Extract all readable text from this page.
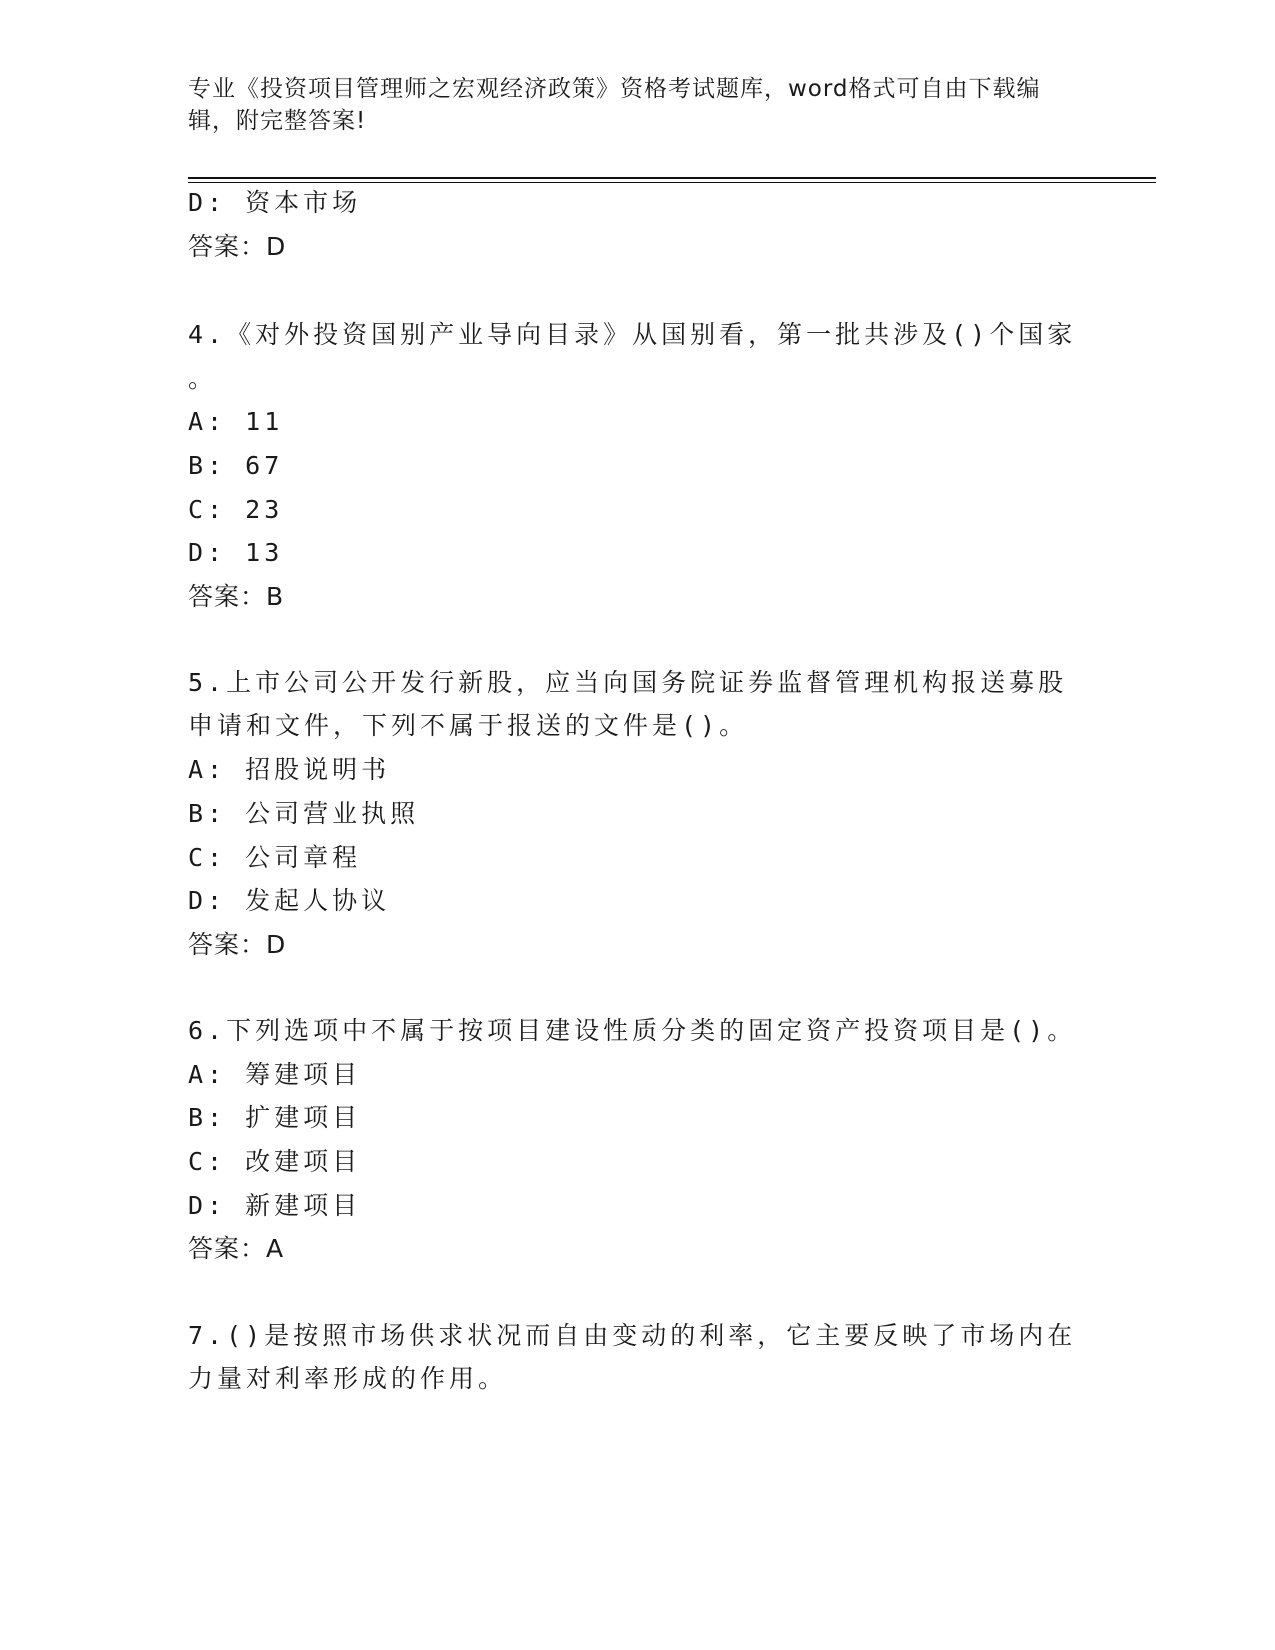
专业《投资项目管理师之宏观经济政策》资格考试题库，word格式可自由下载编
辑，附完整答案!
D: 资本市场
答案：D
4.《对外投资国别产业导向目录》从国别看，第一批共涉及()个国家
。
A: 11
B: 67
C: 23
D: 13
答案：B
5.上市公司公开发行新股，应当向国务院证券监督管理机构报送募股
申请和文件，下列不属于报送的文件是()。
A: 招股说明书
B: 公司营业执照
C: 公司章程
D: 发起人协议
答案：D
6.下列选项中不属于按项目建设性质分类的固定资产投资项目是()。
A: 筹建项目
B: 扩建项目
C: 改建项目
D: 新建项目
答案：A
7.()是按照市场供求状况而自由变动的利率，它主要反映了市场内在
力量对利率形成的作用。
